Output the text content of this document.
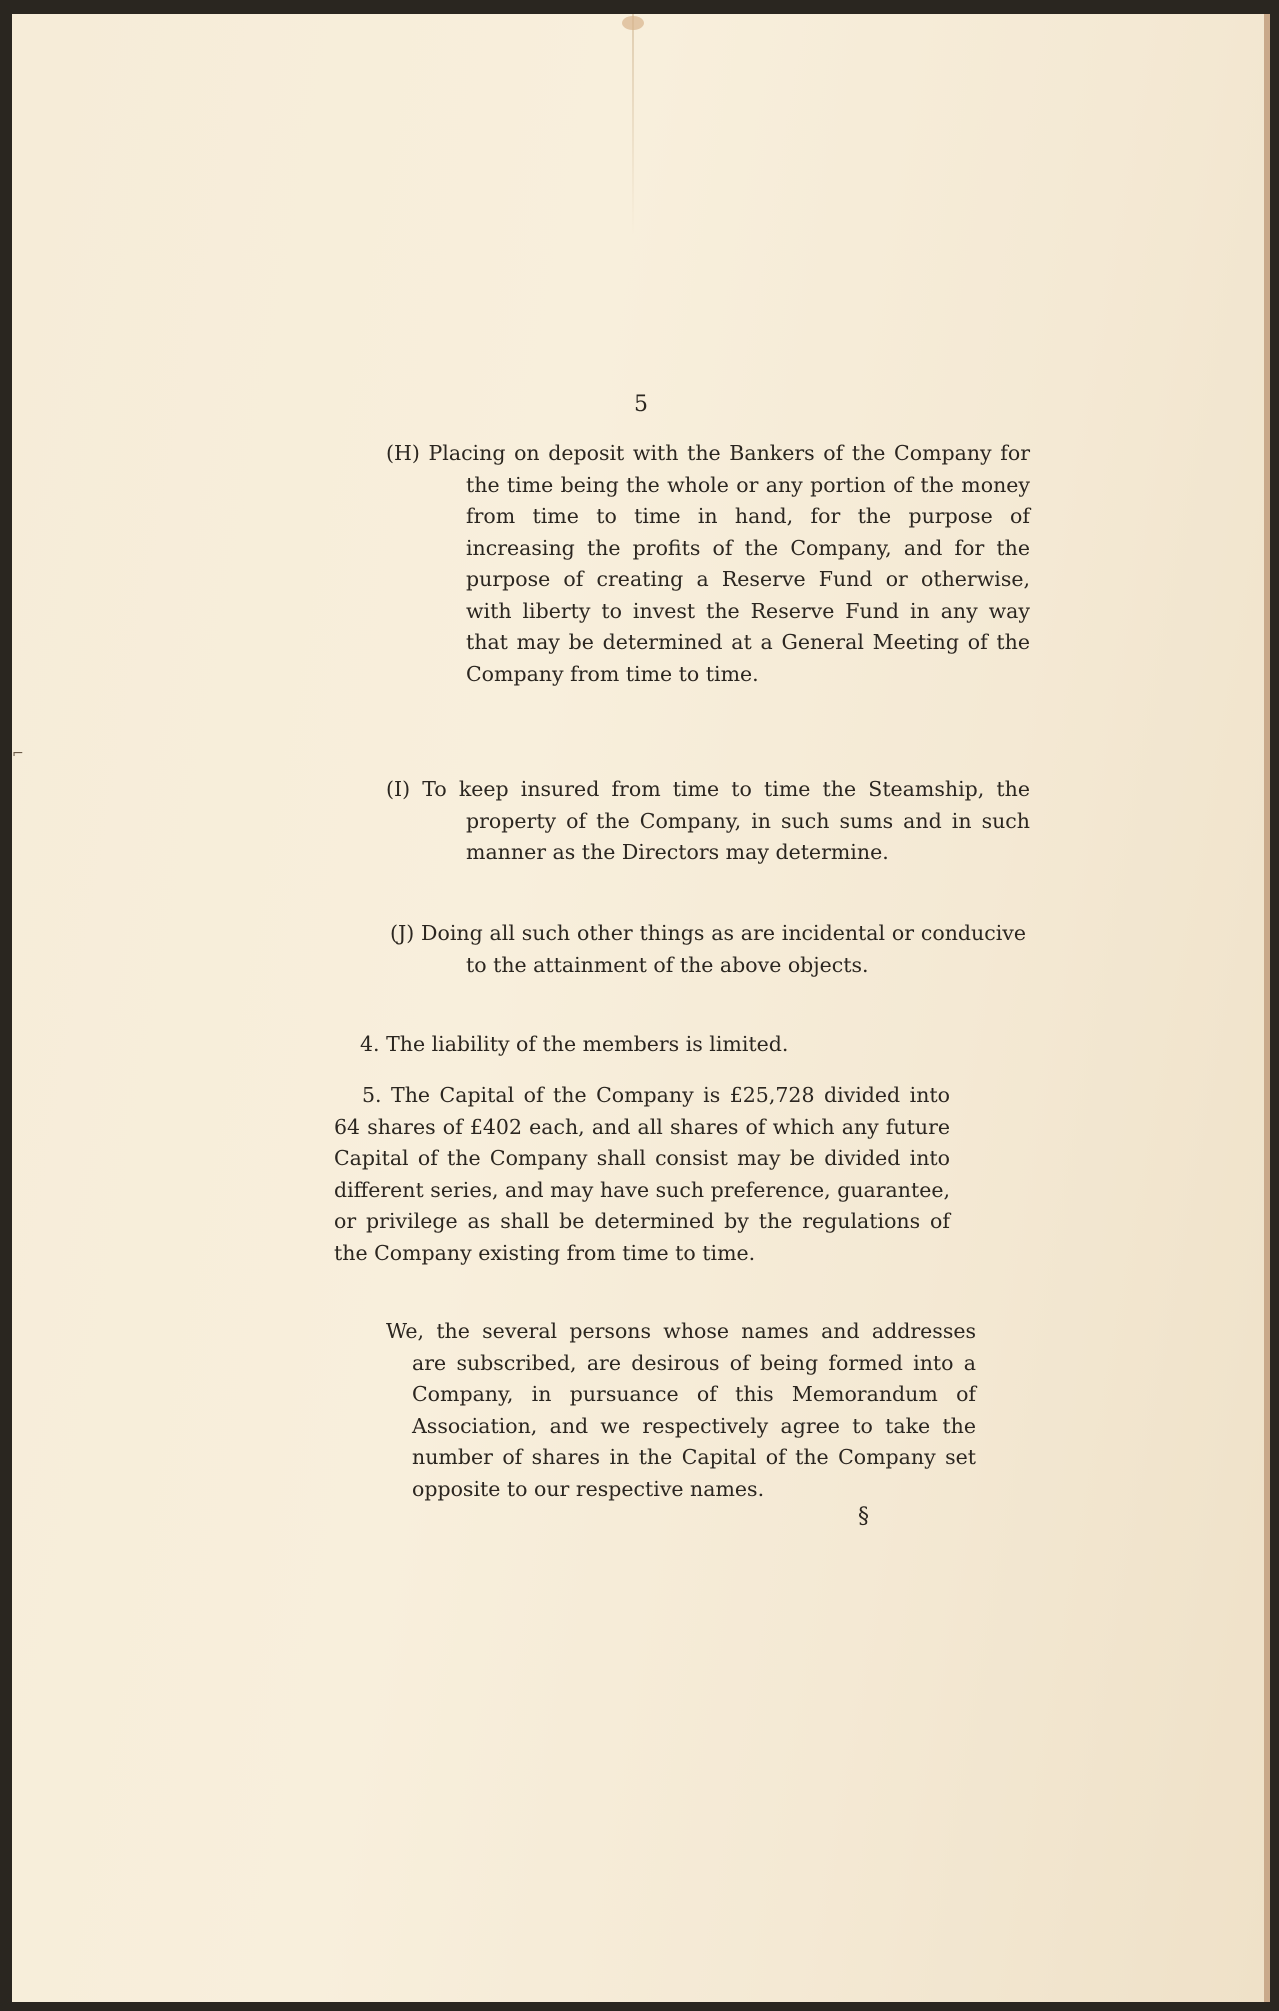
⌐
5

(H) Placing on deposit with the Bankers of the Company for the time being the whole or any portion of the money from time to time in hand, for the purpose of increasing the profits of the Company, and for the purpose of creating a Reserve Fund or otherwise, with liberty to invest the Reserve Fund in any way that may be determined at a General Meeting of the Company from time to time.

(I) To keep insured from time to time the Steamship, the property of the Company, in such sums and in such manner as the Directors may determine.

(J) Doing all such other things as are incidental or conducive to the attainment of the above objects.

4. The liability of the members is limited.

5. The Capital of the Company is £25,728 divided into 64 shares of £402 each, and all shares of which any future Capital of the Company shall consist may be divided into different series, and may have such preference, guarantee, or privilege as shall be determined by the regulations of the Company existing from time to time.

We, the several persons whose names and addresses are subscribed, are desirous of being formed into a Company, in pursuance of this Memorandum of Association, and we respectively agree to take the number of shares in the Capital of the Company set opposite to our respective names.

§
